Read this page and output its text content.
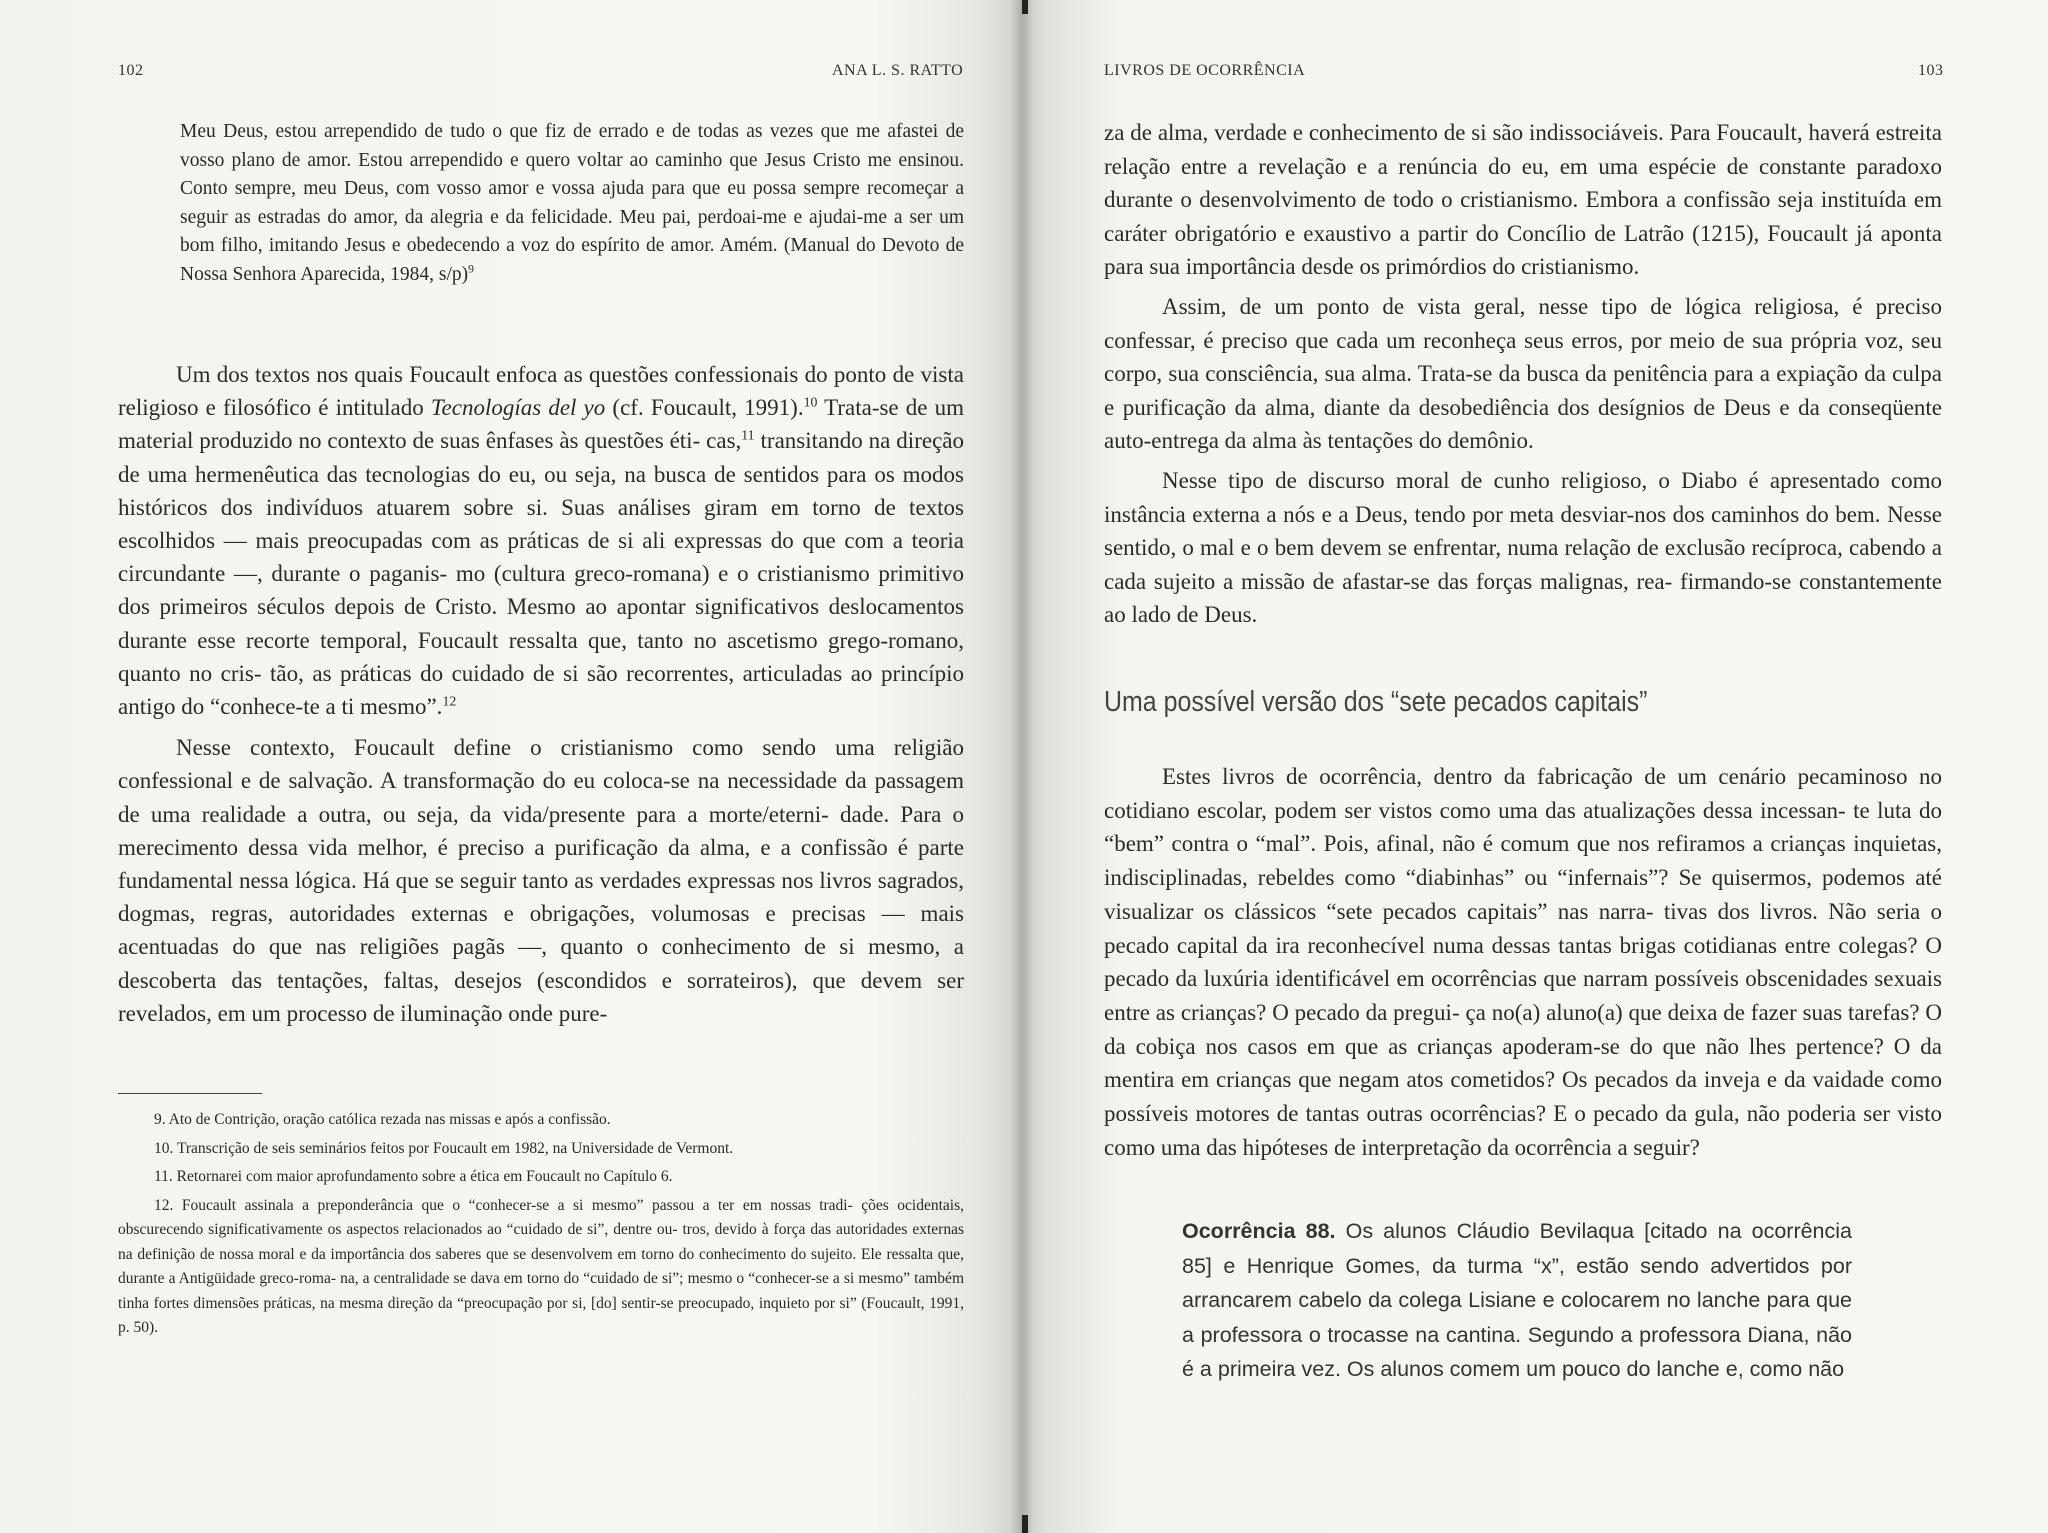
102	ANA L. S. RATTO
Meu Deus, estou arrependido de tudo o que fiz de errado e de todas as vezes que me afastei de vosso plano de amor. Estou arrependido e quero voltar ao caminho que Jesus Cristo me ensinou. Conto sempre, meu Deus, com vosso amor e vossa ajuda para que eu possa sempre recomeçar a seguir as estradas do amor, da alegria e da felicidade. Meu pai, perdoai-me e ajudai-me a ser um bom filho, imitando Jesus e obedecendo a voz do espírito de amor. Amém. (Manual do Devoto de Nossa Senhora Aparecida, 1984, s/p)$^9$

Um dos textos nos quais Foucault enfoca as questões confessionais do ponto de vista religioso e filosófico é intitulado Tecnologías del yo (cf. Foucault, 1991).$^{10}$ Trata-se de um material produzido no contexto de suas ênfases às questões éti- cas,$^{11}$ transitando na direção de uma hermenêutica das tecnologias do eu, ou seja, na busca de sentidos para os modos históricos dos indivíduos atuarem sobre si. Suas análises giram em torno de textos escolhidos — mais preocupadas com as práticas de si ali expressas do que com a teoria circundante —, durante o paganis- mo (cultura greco-romana) e o cristianismo primitivo dos primeiros séculos depois de Cristo. Mesmo ao apontar significativos deslocamentos durante esse recorte temporal, Foucault ressalta que, tanto no ascetismo grego-romano, quanto no cris- tão, as práticas do cuidado de si são recorrentes, articuladas ao princípio antigo do “conhece-te a ti mesmo”.$^{12}$

Nesse contexto, Foucault define o cristianismo como sendo uma religião confessional e de salvação. A transformação do eu coloca-se na necessidade da passagem de uma realidade a outra, ou seja, da vida/presente para a morte/eterni- dade. Para o merecimento dessa vida melhor, é preciso a purificação da alma, e a confissão é parte fundamental nessa lógica. Há que se seguir tanto as verdades expressas nos livros sagrados, dogmas, regras, autoridades externas e obrigações, volumosas e precisas — mais acentuadas do que nas religiões pagãs —, quanto o conhecimento de si mesmo, a descoberta das tentações, faltas, desejos (escondidos e sorrateiros), que devem ser revelados, em um processo de iluminação onde pure-

9. Ato de Contrição, oração católica rezada nas missas e após a confissão.

10. Transcrição de seis seminários feitos por Foucault em 1982, na Universidade de Vermont.

11. Retornarei com maior aprofundamento sobre a ética em Foucault no Capítulo 6.

12. Foucault assinala a preponderância que o “conhecer-se a si mesmo” passou a ter em nossas tradi- ções ocidentais, obscurecendo significativamente os aspectos relacionados ao “cuidado de si”, dentre ou- tros, devido à força das autoridades externas na definição de nossa moral e da importância dos saberes que se desenvolvem em torno do conhecimento do sujeito. Ele ressalta que, durante a Antigüidade greco-roma- na, a centralidade se dava em torno do “cuidado de si”; mesmo o “conhecer-se a si mesmo” também tinha fortes dimensões práticas, na mesma direção da “preocupação por si, [do] sentir-se preocupado, inquieto por si” (Foucault, 1991, p. 50).

LIVROS DE OCORRÊNCIA	103

za de alma, verdade e conhecimento de si são indissociáveis. Para Foucault, haverá estreita relação entre a revelação e a renúncia do eu, em uma espécie de constante paradoxo durante o desenvolvimento de todo o cristianismo. Embora a confissão seja instituída em caráter obrigatório e exaustivo a partir do Concílio de Latrão (1215), Foucault já aponta para sua importância desde os primórdios do cristianismo.

Assim, de um ponto de vista geral, nesse tipo de lógica religiosa, é preciso confessar, é preciso que cada um reconheça seus erros, por meio de sua própria voz, seu corpo, sua consciência, sua alma. Trata-se da busca da penitência para a expiação da culpa e purificação da alma, diante da desobediência dos desígnios de Deus e da conseqüente auto-entrega da alma às tentações do demônio.

Nesse tipo de discurso moral de cunho religioso, o Diabo é apresentado como instância externa a nós e a Deus, tendo por meta desviar-nos dos caminhos do bem. Nesse sentido, o mal e o bem devem se enfrentar, numa relação de exclusão recíproca, cabendo a cada sujeito a missão de afastar-se das forças malignas, rea- firmando-se constantemente ao lado de Deus.

Uma possível versão dos “sete pecados capitais”

Estes livros de ocorrência, dentro da fabricação de um cenário pecaminoso no cotidiano escolar, podem ser vistos como uma das atualizações dessa incessan- te luta do “bem” contra o “mal”. Pois, afinal, não é comum que nos refiramos a crianças inquietas, indisciplinadas, rebeldes como “diabinhas” ou “infernais”? Se quisermos, podemos até visualizar os clássicos “sete pecados capitais” nas narra- tivas dos livros. Não seria o pecado capital da ira reconhecível numa dessas tantas brigas cotidianas entre colegas? O pecado da luxúria identificável em ocorrências que narram possíveis obscenidades sexuais entre as crianças? O pecado da pregui- ça no(a) aluno(a) que deixa de fazer suas tarefas? O da cobiça nos casos em que as crianças apoderam-se do que não lhes pertence? O da mentira em crianças que negam atos cometidos? Os pecados da inveja e da vaidade como possíveis motores de tantas outras ocorrências? E o pecado da gula, não poderia ser visto como uma das hipóteses de interpretação da ocorrência a seguir?

Ocorrência 88. Os alunos Cláudio Bevilaqua [citado na ocorrência 85] e Henrique Gomes, da turma “x”, estão sendo advertidos por arrancarem cabelo da colega Lisiane e colocarem no lanche para que a professora o trocasse na cantina. Segundo a professora Diana, não é a primeira vez. Os alunos comem um pouco do lanche e, como não
